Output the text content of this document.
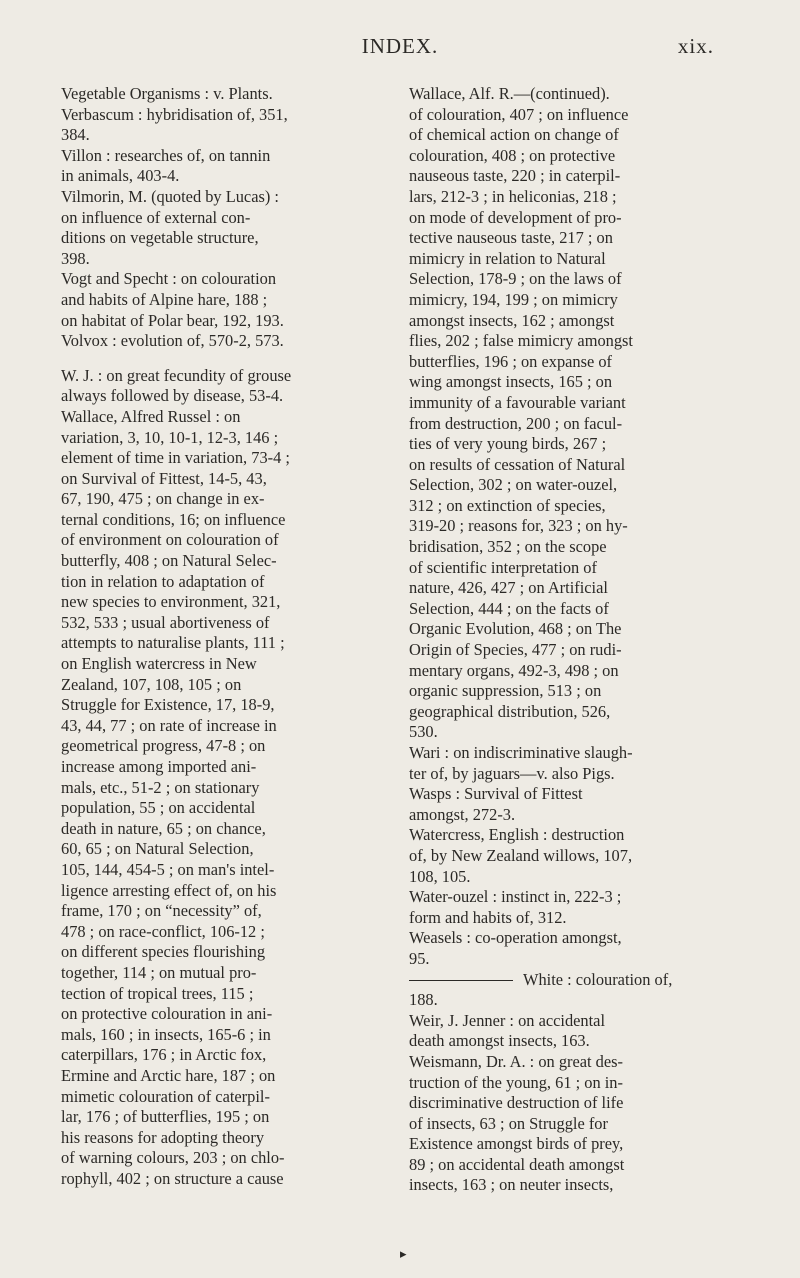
INDEX.	xix.
Vegetable Organisms : v. Plants.
Verbascum : hybridisation of, 351,
384.
Villon : researches of, on tannin
in animals, 403-4.
Vilmorin, M. (quoted by Lucas) :
on influence of external con-
ditions on vegetable structure,
398.
Vogt and Specht : on colouration
and habits of Alpine hare, 188 ;
on habitat of Polar bear, 192, 193.
Volvox : evolution of, 570-2, 573.
W. J. : on great fecundity of grouse
always followed by disease, 53-4.
Wallace, Alfred Russel : on
variation, 3, 10, 10-1, 12-3, 146 ;
element of time in variation, 73-4 ;
on Survival of Fittest, 14-5, 43,
67, 190, 475 ; on change in ex-
ternal conditions, 16; on influence
of environment on colouration of
butterfly, 408 ; on Natural Selec-
tion in relation to adaptation of
new species to environment, 321,
532, 533 ; usual abortiveness of
attempts to naturalise plants, 111 ;
on English watercress in New
Zealand, 107, 108, 105 ; on
Struggle for Existence, 17, 18-9,
43, 44, 77 ; on rate of increase in
geometrical progress, 47-8 ; on
increase among imported ani-
mals, etc., 51-2 ; on stationary
population, 55 ; on accidental
death in nature, 65 ; on chance,
60, 65 ; on Natural Selection,
105, 144, 454-5 ; on man's intel-
ligence arresting effect of, on his
frame, 170 ; on “necessity” of,
478 ; on race-conflict, 106-12 ;
on different species flourishing
together, 114 ; on mutual pro-
tection of tropical trees, 115 ;
on protective colouration in ani-
mals, 160 ; in insects, 165-6 ; in
caterpillars, 176 ; in Arctic fox,
Ermine and Arctic hare, 187 ; on
mimetic colouration of caterpil-
lar, 176 ; of butterflies, 195 ; on
his reasons for adopting theory
of warning colours, 203 ; on chlo-
rophyll, 402 ; on structure a cause
Wallace, Alf. R.—(continued).
of colouration, 407 ; on influence
of chemical action on change of
colouration, 408 ; on protective
nauseous taste, 220 ; in caterpil-
lars, 212-3 ; in heliconias, 218 ;
on mode of development of pro-
tective nauseous taste, 217 ; on
mimicry in relation to Natural
Selection, 178-9 ; on the laws of
mimicry, 194, 199 ; on mimicry
amongst insects, 162 ; amongst
flies, 202 ; false mimicry amongst
butterflies, 196 ; on expanse of
wing amongst insects, 165 ; on
immunity of a favourable variant
from destruction, 200 ; on facul-
ties of very young birds, 267 ;
on results of cessation of Natural
Selection, 302 ; on water-ouzel,
312 ; on extinction of species,
319-20 ; reasons for, 323 ; on hy-
bridisation, 352 ; on the scope
of scientific interpretation of
nature, 426, 427 ; on Artificial
Selection, 444 ; on the facts of
Organic Evolution, 468 ; on The
Origin of Species, 477 ; on rudi-
mentary organs, 492-3, 498 ; on
organic suppression, 513 ; on
geographical distribution, 526,
530.
Wari : on indiscriminative slaugh-
ter of, by jaguars—v. also Pigs.
Wasps : Survival of Fittest
amongst, 272-3.
Watercress, English : destruction
of, by New Zealand willows, 107,
108, 105.
Water-ouzel : instinct in, 222-3 ;
form and habits of, 312.
Weasels : co-operation amongst,
95.
White : colouration of,
188.
Weir, J. Jenner : on accidental
death amongst insects, 163.
Weismann, Dr. A. : on great des-
truction of the young, 61 ; on in-
discriminative destruction of life
of insects, 63 ; on Struggle for
Existence amongst birds of prey,
89 ; on accidental death amongst
insects, 163 ; on neuter insects,
▸
